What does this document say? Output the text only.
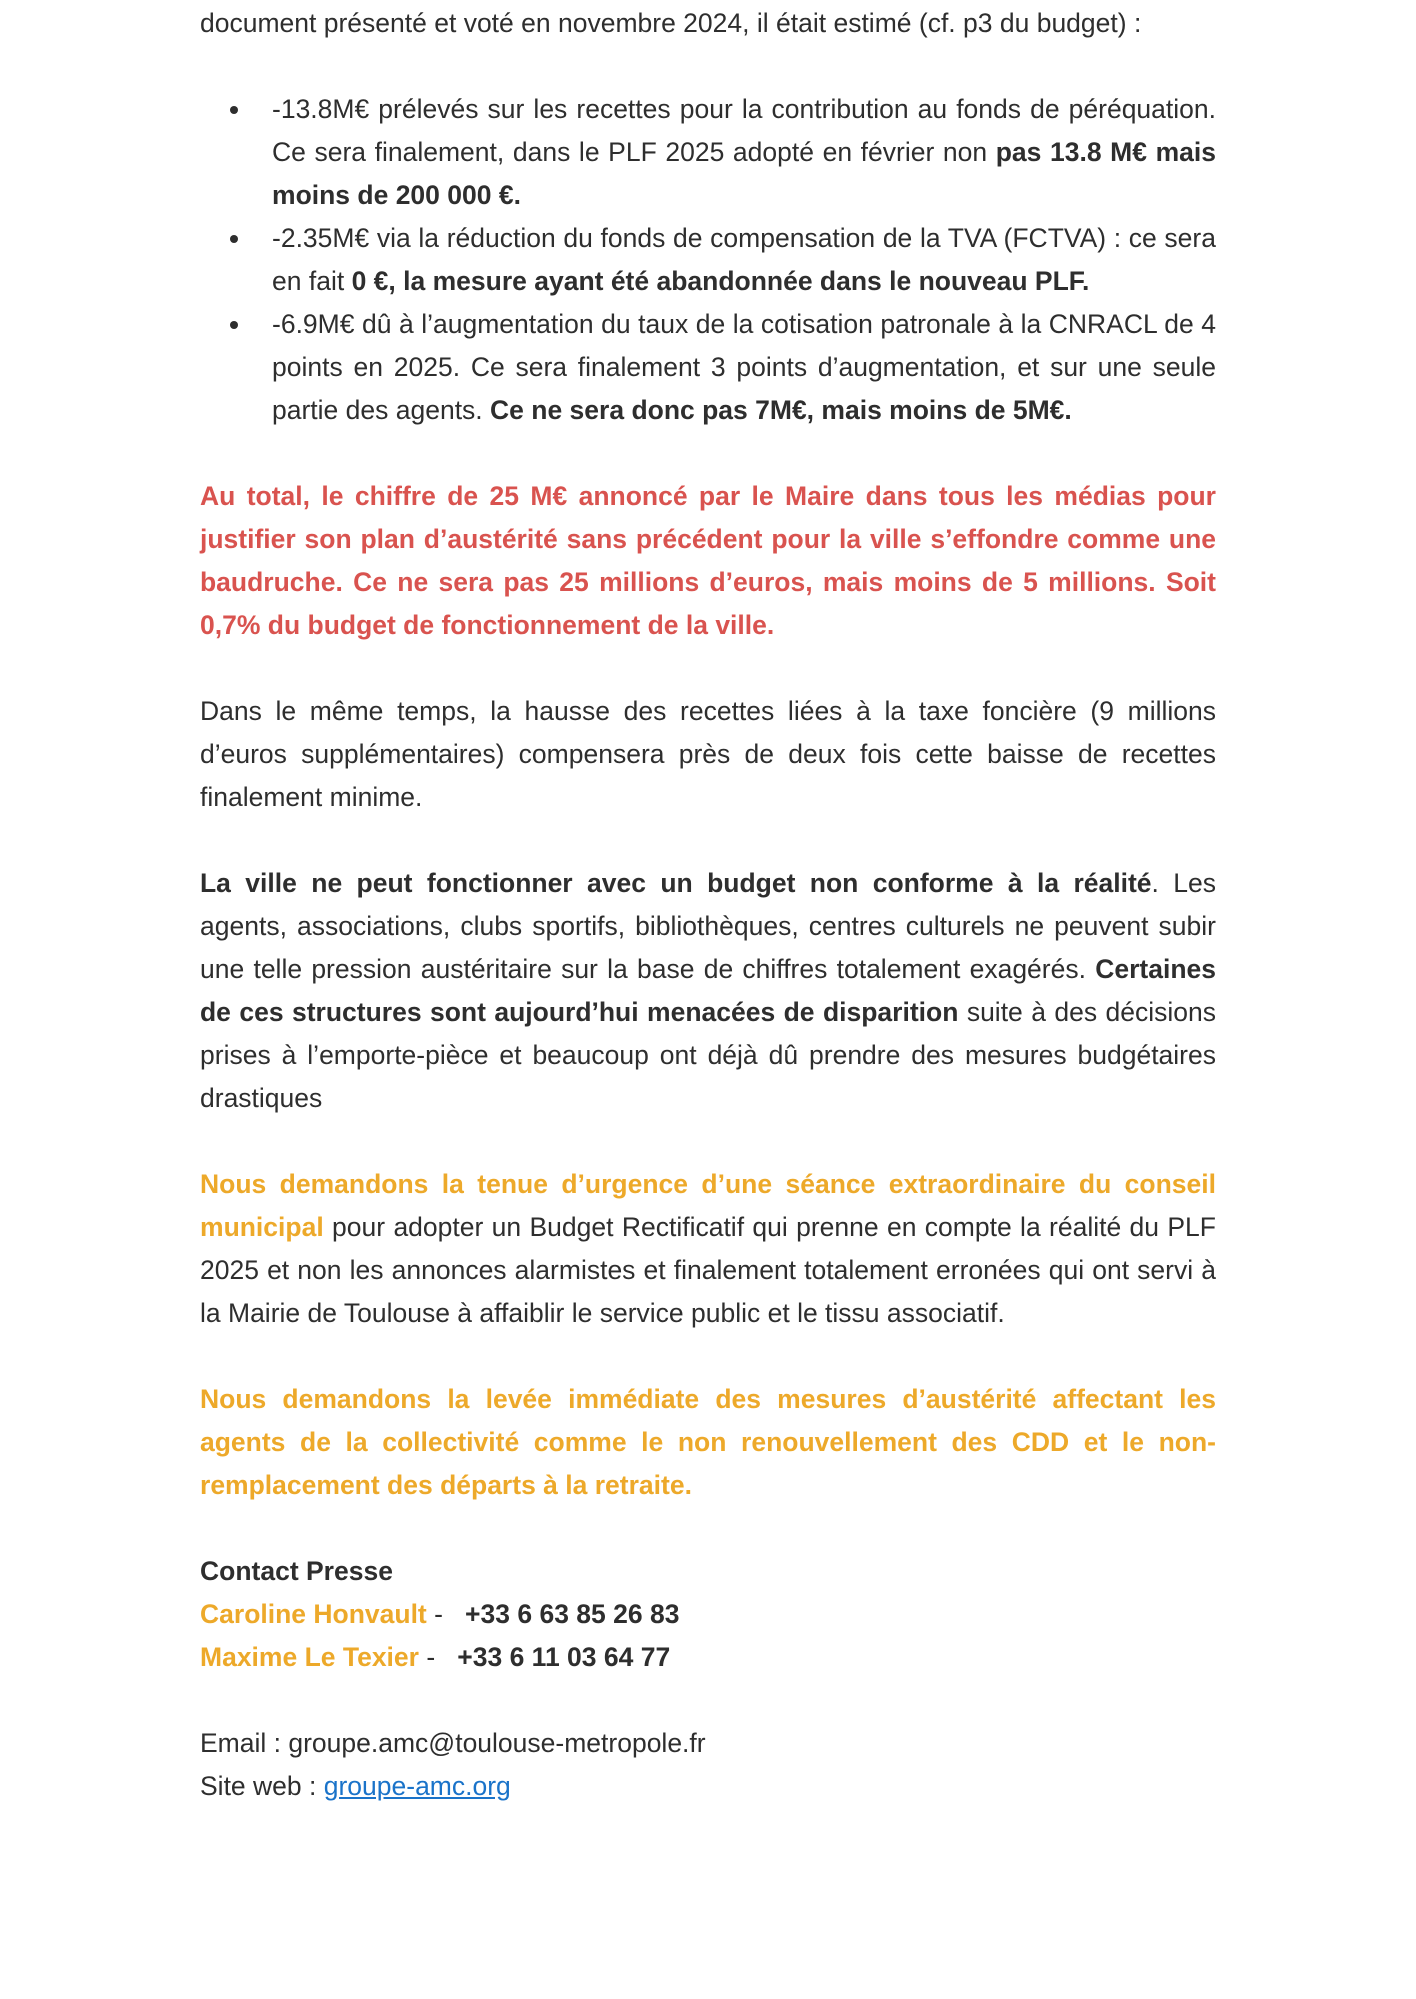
document présenté et voté en novembre 2024, il était estimé (cf. p3 du budget) :

-13.8M€ prélevés sur les recettes pour la contribution au fonds de péréquation. Ce sera finalement, dans le PLF 2025 adopté en février non pas 13.8 M€ mais moins de 200 000 €.
-2.35M€ via la réduction du fonds de compensation de la TVA (FCTVA) : ce sera en fait 0 €, la mesure ayant été abandonnée dans le nouveau PLF.
-6.9M€ dû à l’augmentation du taux de la cotisation patronale à la CNRACL de 4 points en 2025. Ce sera finalement 3 points d’augmentation, et sur une seule partie des agents. Ce ne sera donc pas 7M€, mais moins de 5M€.

Au total, le chiffre de 25 M€ annoncé par le Maire dans tous les médias pour justifier son plan d’austérité sans précédent pour la ville s’effondre comme une baudruche. Ce ne sera pas 25 millions d’euros, mais moins de 5 millions. Soit 0,7% du budget de fonctionnement de la ville.

Dans le même temps, la hausse des recettes liées à la taxe foncière (9 millions d’euros supplémentaires) compensera près de deux fois cette baisse de recettes finalement minime.

La ville ne peut fonctionner avec un budget non conforme à la réalité. Les agents, associations, clubs sportifs, bibliothèques, centres culturels ne peuvent subir une telle pression austéritaire sur la base de chiffres totalement exagérés. Certaines de ces structures sont aujourd’hui menacées de disparition suite à des décisions prises à l’emporte-pièce et beaucoup ont déjà dû prendre des mesures budgétaires drastiques

Nous demandons la tenue d’urgence d’une séance extraordinaire du conseil municipal pour adopter un Budget Rectificatif qui prenne en compte la réalité du PLF 2025 et non les annonces alarmistes et finalement totalement erronées qui ont servi à la Mairie de Toulouse à affaiblir le service public et le tissu associatif.

Nous demandons la levée immédiate des mesures d’austérité affectant les agents de la collectivité comme le non renouvellement des CDD et le non-remplacement des départs à la retraite.

Contact Presse
Caroline Honvault -   +33 6 63 85 26 83
Maxime Le Texier -   +33 6 11 03 64 77
Email : groupe.amc@toulouse-metropole.fr
Site web : groupe-amc.org
